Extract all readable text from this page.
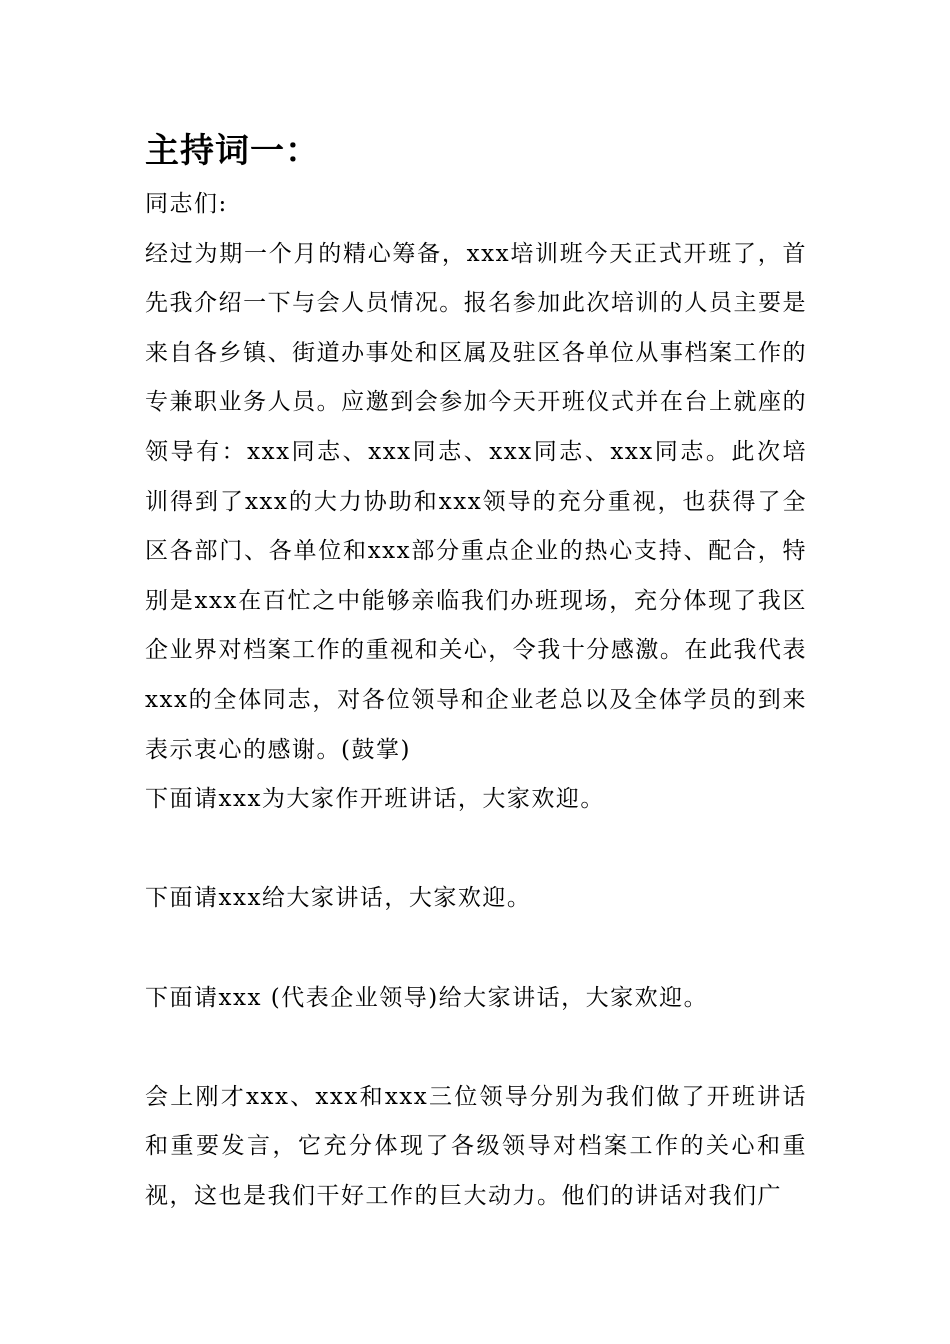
主持词一：

同志们:

经过为期一个月的精心筹备，xxx培训班今天正式开班了，首先我介绍一下与会人员情况。报名参加此次培训的人员主要是来自各乡镇、街道办事处和区属及驻区各单位从事档案工作的专兼职业务人员。应邀到会参加今天开班仪式并在台上就座的领导有：xxx同志、xxx同志、xxx同志、xxx同志。此次培训得到了xxx的大力协助和xxx领导的充分重视，也获得了全区各部门、各单位和xxx部分重点企业的热心支持、配合，特别是xxx在百忙之中能够亲临我们办班现场，充分体现了我区企业界对档案工作的重视和关心，令我十分感激。在此我代表xxx的全体同志，对各位领导和企业老总以及全体学员的到来表示衷心的感谢。(鼓掌)

下面请xxx为大家作开班讲话，大家欢迎。

下面请xxx给大家讲话，大家欢迎。

下面请xxx (代表企业领导)给大家讲话，大家欢迎。

会上刚才xxx、xxx和xxx三位领导分别为我们做了开班讲话和重要发言，它充分体现了各级领导对档案工作的关心和重视，这也是我们干好工作的巨大动力。他们的讲话对我们广
